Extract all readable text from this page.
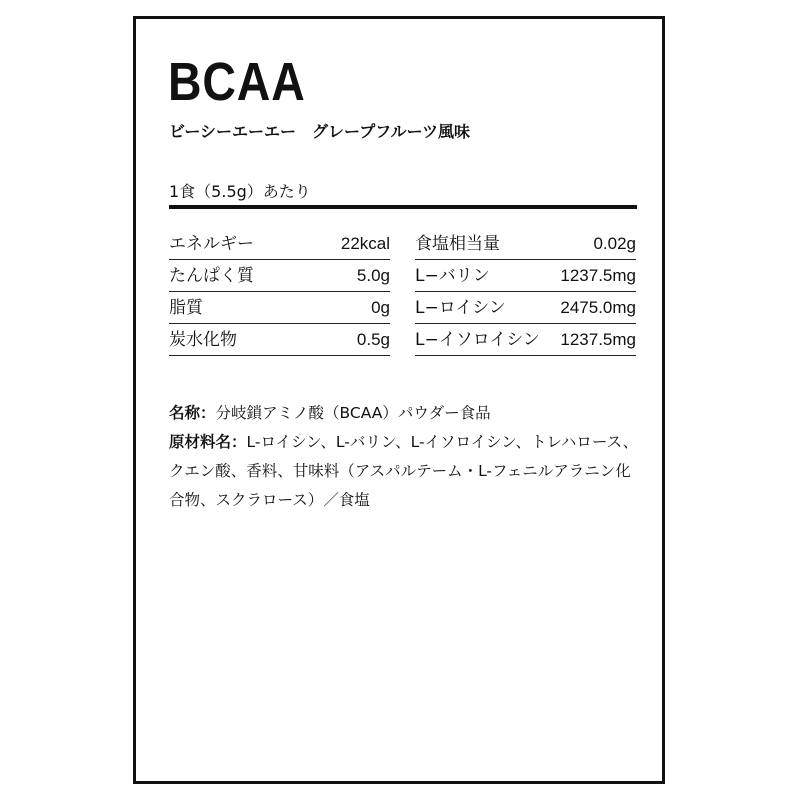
BCAA
ビーシーエーエー　グレープフルーツ風味
1食（5.5g）あたり
エネルギー	22kcal
たんぱく質	5.0g
脂質	0g
炭水化物	0.5g
食塩相当量	0.02g
L−バリン	1237.5mg
L−ロイシン	2475.0mg
L−イソロイシン 1237.5mg

名称：分岐鎖アミノ酸（BCAA）パウダー食品

原材料名：L-ロイシン、L-バリン、L-イソロイシン、トレハロース、クエン酸、香料、甘味料（アスパルテーム・L-フェニルアラニン化合物、スクラロース）／食塩
